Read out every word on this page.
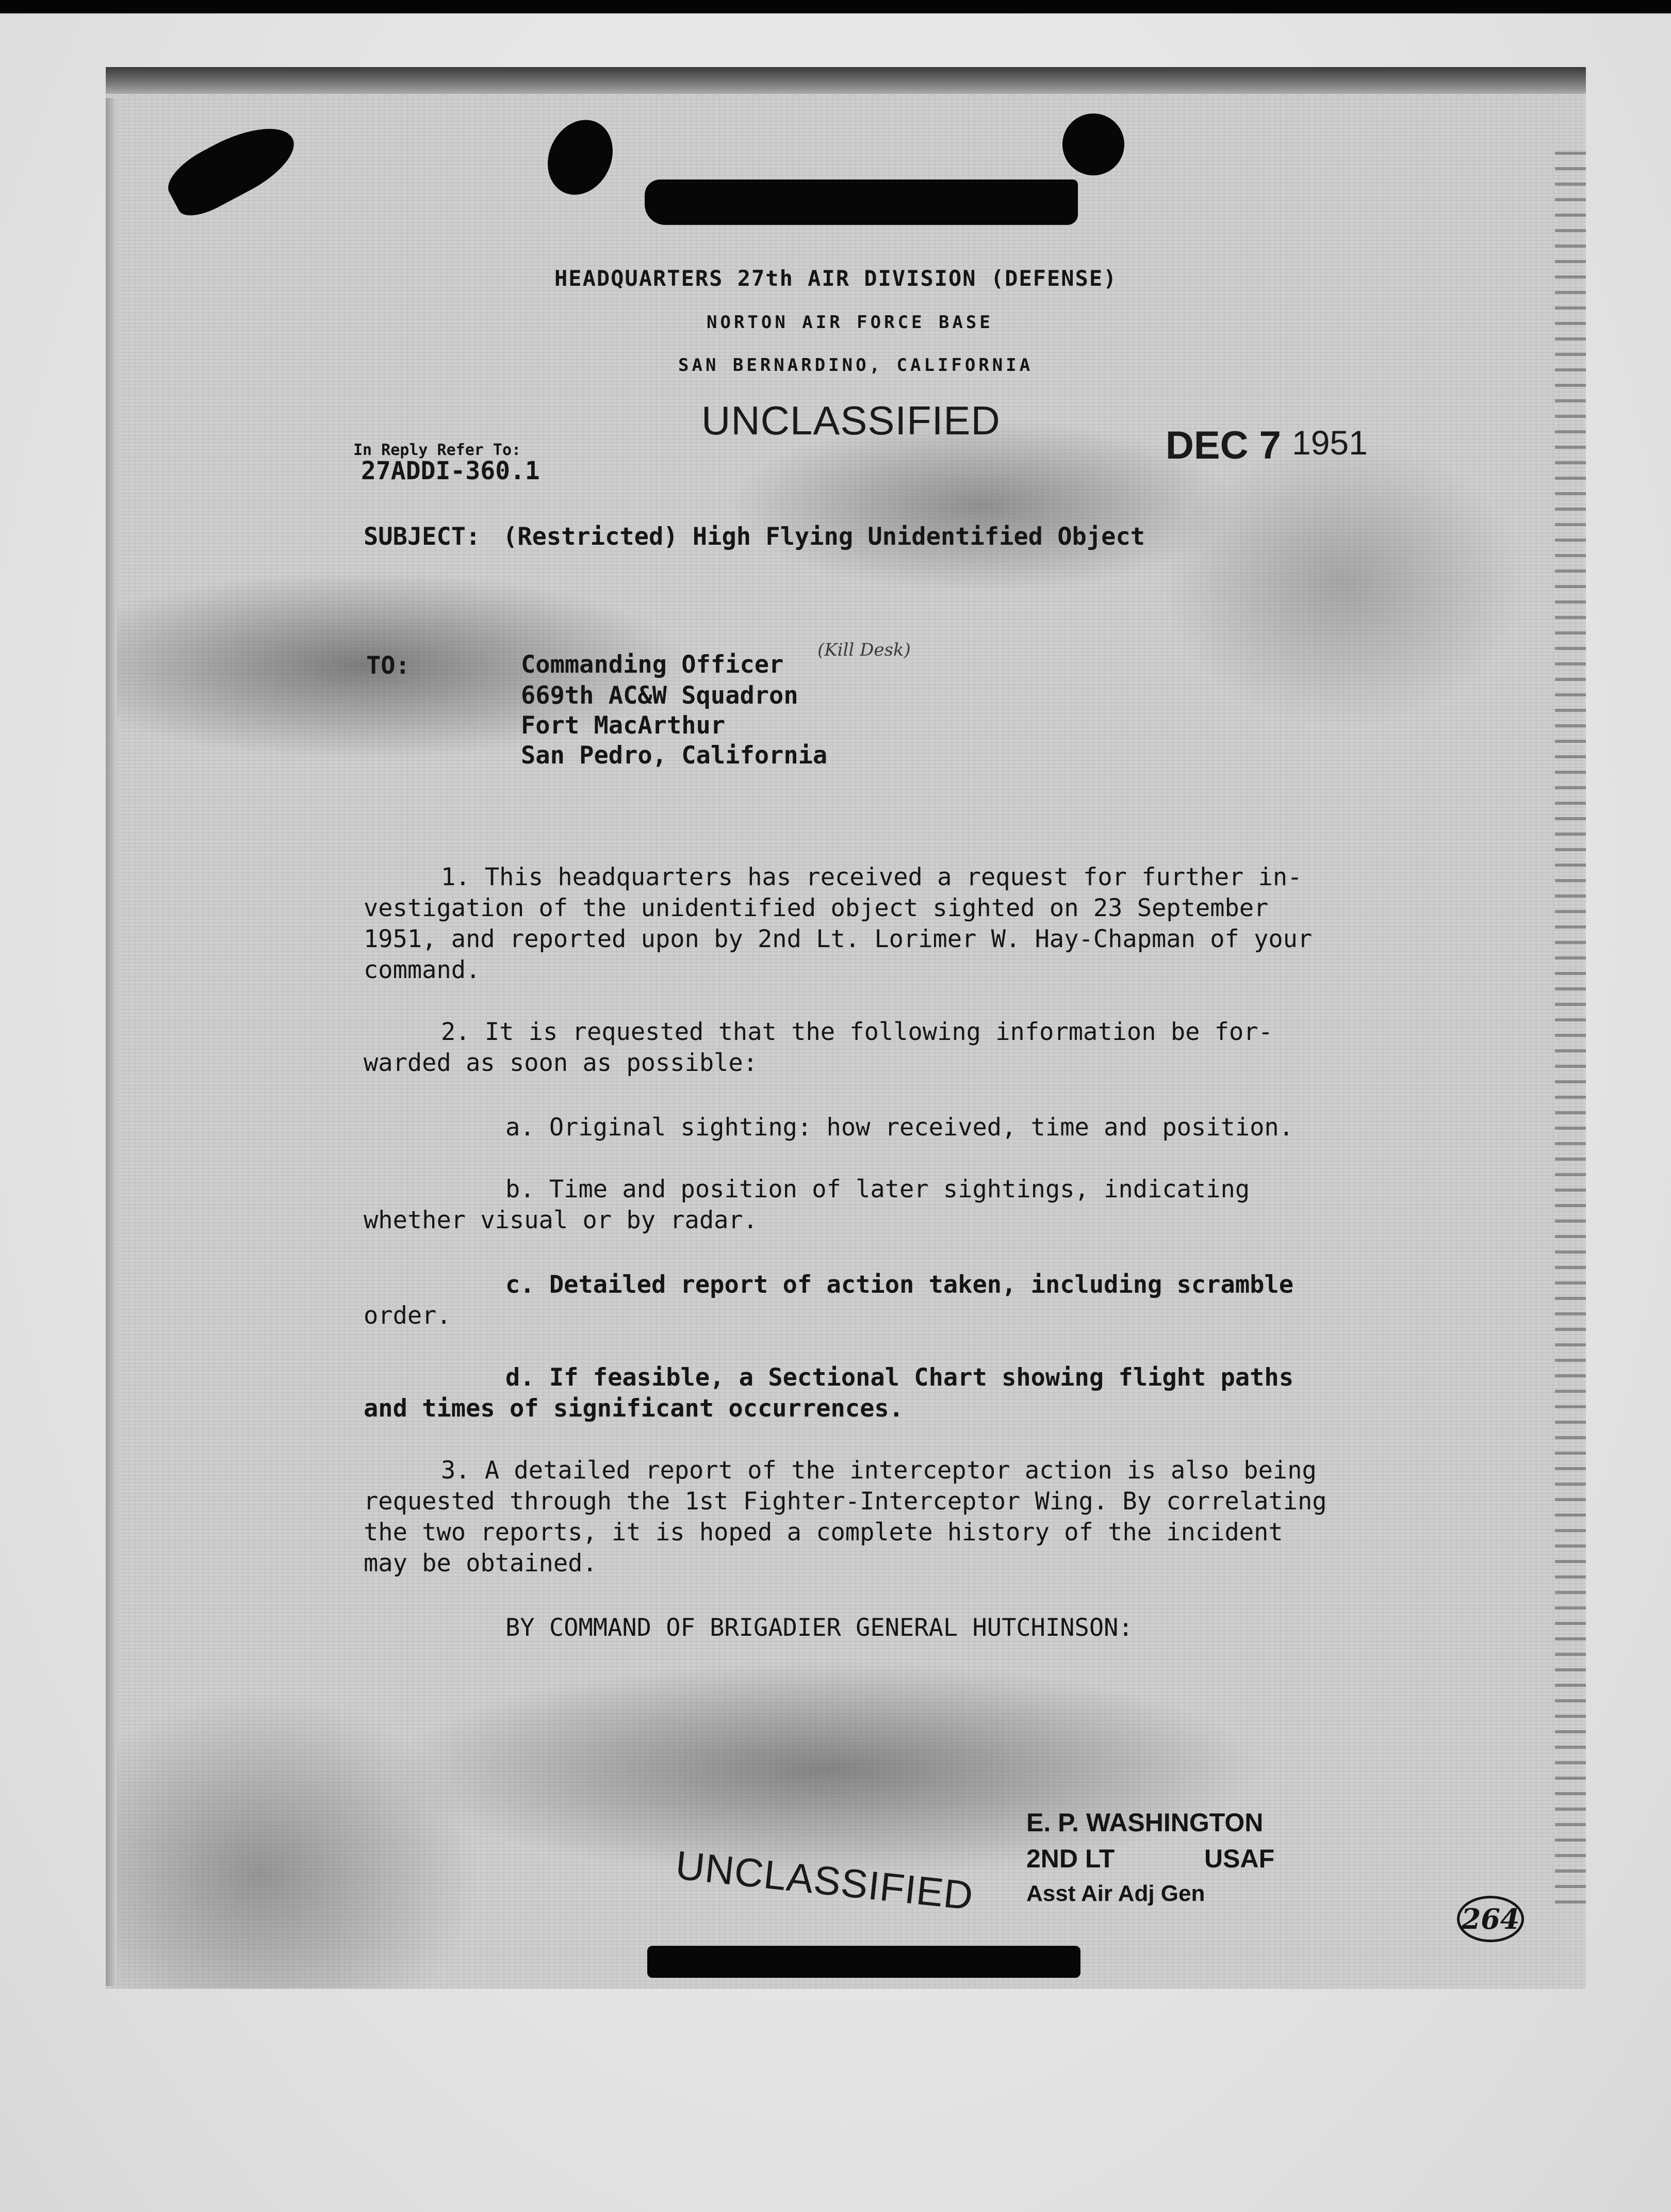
HEADQUARTERS 27th AIR DIVISION (DEFENSE)
NORTON AIR FORCE BASE
SAN BERNARDINO, CALIFORNIA
UNCLASSIFIED
DEC 7 1951
In Reply Refer To:
27ADDI-360.1
SUBJECT: (Restricted) High Flying Unidentified Object
TO:	Commanding Officer
(Kill Desk)
669th AC&W Squadron
Fort MacArthur
San Pedro, California
1. This headquarters has received a request for further in-
vestigation of the unidentified object sighted on 23 September
1951, and reported upon by 2nd Lt. Lorimer W. Hay-Chapman of your
command.
2. It is requested that the following information be for-
warded as soon as possible:
a. Original sighting: how received, time and position.
b. Time and position of later sightings, indicating
whether visual or by radar.
c. Detailed report of action taken, including scramble
order.
d. If feasible, a Sectional Chart showing flight paths
and times of significant occurrences.
3. A detailed report of the interceptor action is also being
requested through the 1st Fighter-Interceptor Wing. By correlating
the two reports, it is hoped a complete history of the incident
may be obtained.
BY COMMAND OF BRIGADIER GENERAL HUTCHINSON:
UNCLASSIFIED
E. P. WASHINGTON
2ND LT	USAF
Asst Air Adj Gen
264
